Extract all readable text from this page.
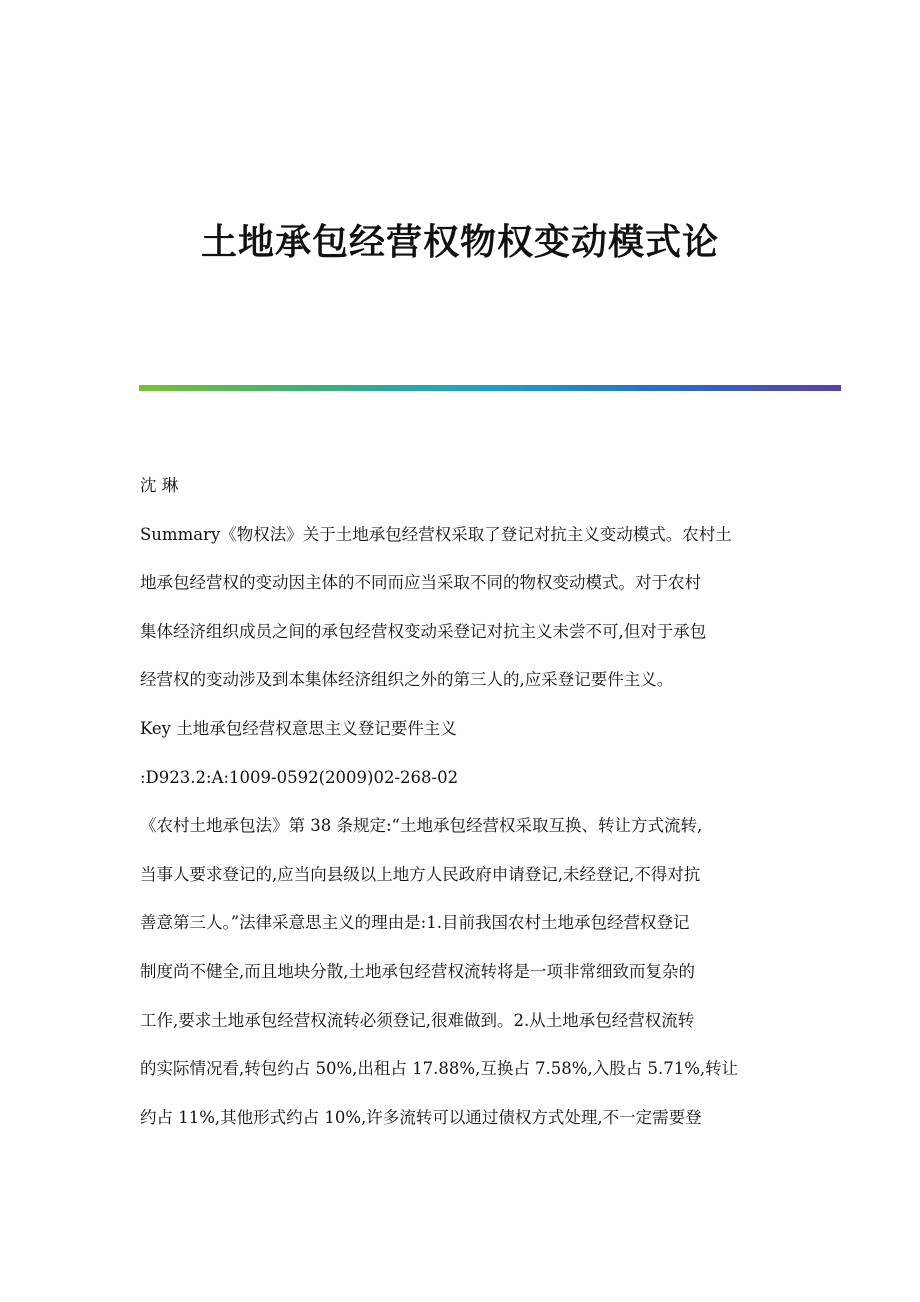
土地承包经营权物权变动模式论
沈 琳
Summary《物权法》关于土地承包经营权采取了登记对抗主义变动模式。农村土
地承包经营权的变动因主体的不同而应当采取不同的物权变动模式。对于农村
集体经济组织成员之间的承包经营权变动采登记对抗主义未尝不可,但对于承包
经营权的变动涉及到本集体经济组织之外的第三人的,应采登记要件主义。
Key 土地承包经营权意思主义登记要件主义
:D923.2:A:1009-0592(2009)02-268-02
《农村土地承包法》第 38 条规定:“土地承包经营权采取互换、转让方式流转,
当事人要求登记的,应当向县级以上地方人民政府申请登记,未经登记,不得对抗
善意第三人。”法律采意思主义的理由是:1.目前我国农村土地承包经营权登记
制度尚不健全,而且地块分散,土地承包经营权流转将是一项非常细致而复杂的
工作,要求土地承包经营权流转必须登记,很难做到。2.从土地承包经营权流转
的实际情况看,转包约占 50%,出租占 17.88%,互换占 7.58%,入股占 5.71%,转让
约占 11%,其他形式约占 10%,许多流转可以通过债权方式处理,不一定需要登
